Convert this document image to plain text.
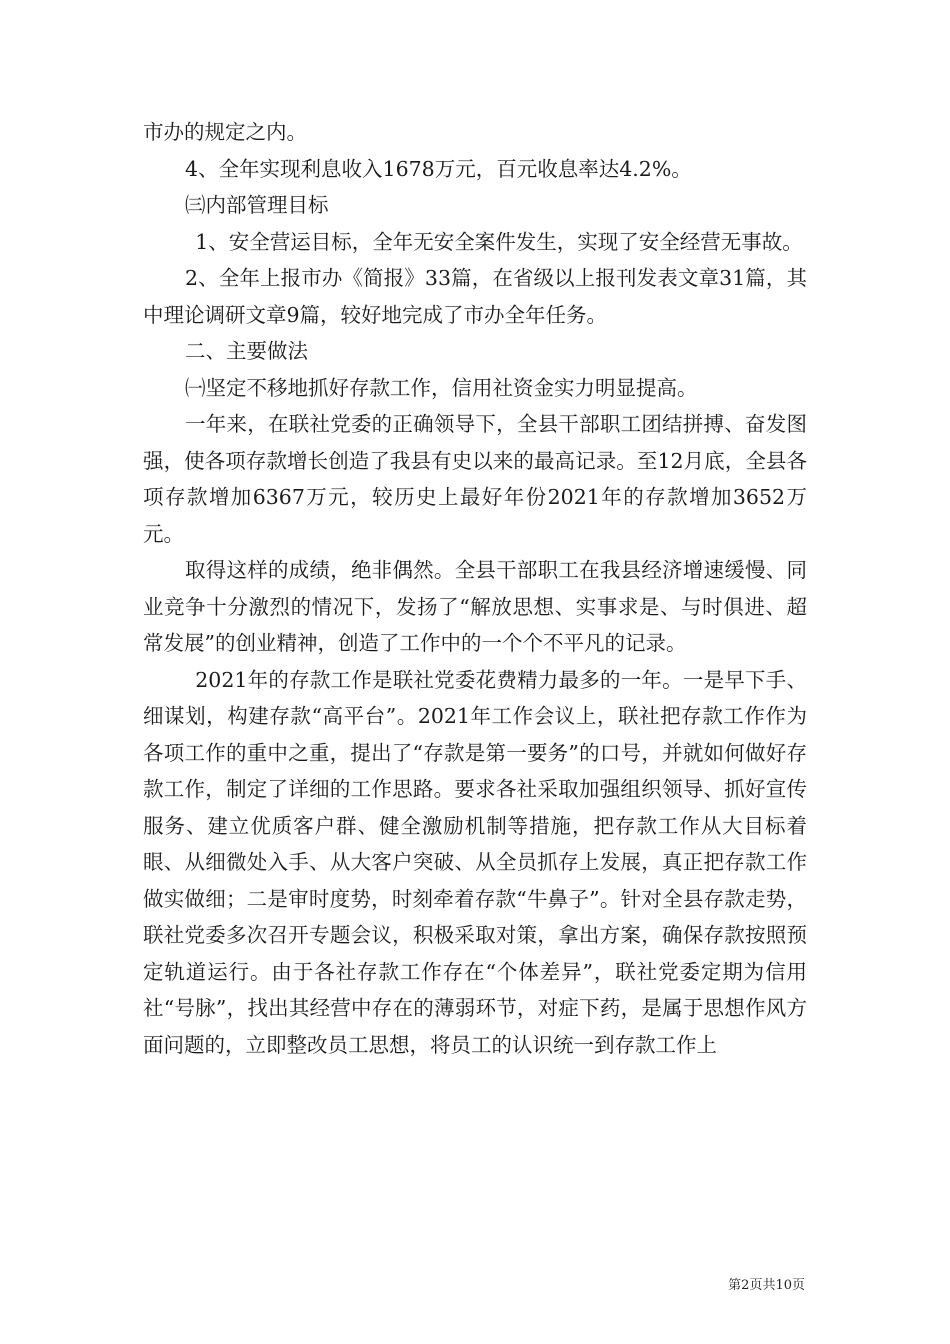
市办的规定之内。

4、全年实现利息收入1678万元，百元收息率达4.2%。

㈢内部管理目标

1、安全营运目标，全年无安全案件发生，实现了安全经营无事故。

2、全年上报市办《简报》33篇，在省级以上报刊发表文章31篇，其中理论调研文章9篇，较好地完成了市办全年任务。

二、主要做法

㈠坚定不移地抓好存款工作，信用社资金实力明显提高。

一年来，在联社党委的正确领导下，全县干部职工团结拼搏、奋发图强，使各项存款增长创造了我县有史以来的最高记录。至12月底，全县各项存款增加6367万元，较历史上最好年份2021年的存款增加3652万元。

取得这样的成绩，绝非偶然。全县干部职工在我县经济增速缓慢、同业竞争十分激烈的情况下，发扬了“解放思想、实事求是、与时俱进、超常发展”的创业精神，创造了工作中的一个个不平凡的记录。

2021年的存款工作是联社党委花费精力最多的一年。一是早下手、细谋划，构建存款“高平台”。2021年工作会议上，联社把存款工作作为各项工作的重中之重，提出了“存款是第一要务”的口号，并就如何做好存款工作，制定了详细的工作思路。要求各社采取加强组织领导、抓好宣传服务、建立优质客户群、健全激励机制等措施，把存款工作从大目标着眼、从细微处入手、从大客户突破、从全员抓存上发展，真正把存款工作做实做细；二是审时度势，时刻牵着存款“牛鼻子”。针对全县存款走势，联社党委多次召开专题会议，积极采取对策，拿出方案，确保存款按照预定轨道运行。由于各社存款工作存在“个体差异”，联社党委定期为信用社“号脉”，找出其经营中存在的薄弱环节，对症下药，是属于思想作风方面问题的，立即整改员工思想，将员工的认识统一到存款工作上

第2页共10页
